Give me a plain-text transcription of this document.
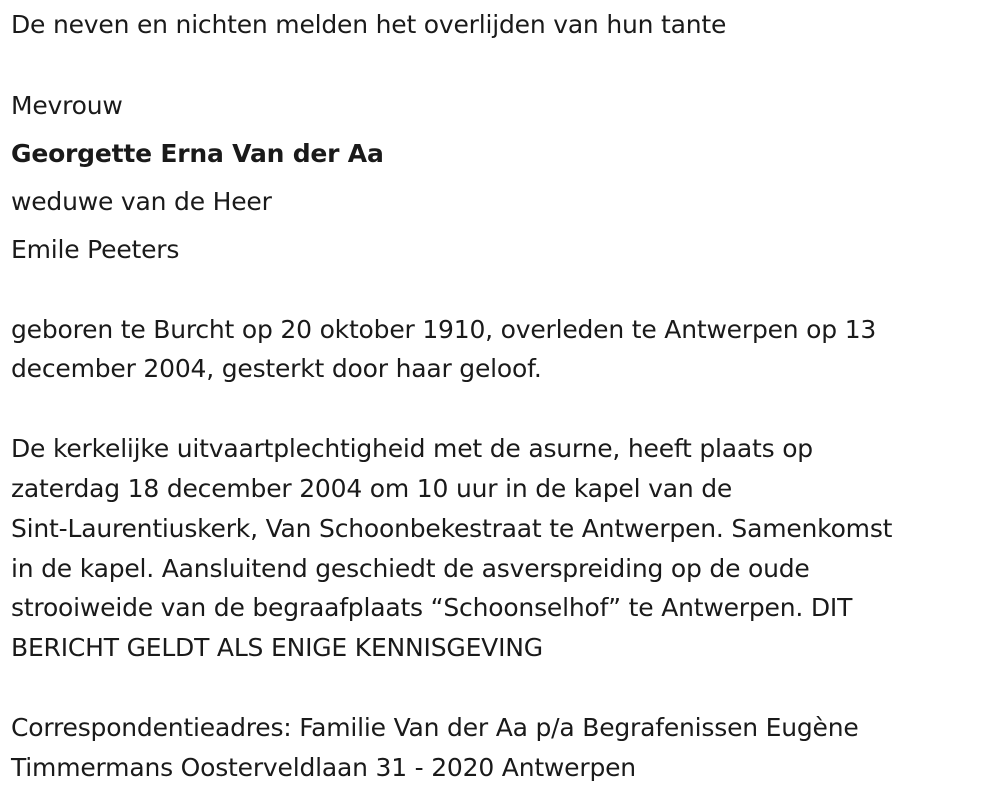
De neven en nichten melden het overlijden van hun tante
Mevrouw
Georgette Erna Van der Aa
weduwe van de Heer
Emile Peeters
geboren te Burcht op 20 oktober 1910, overleden te Antwerpen op 13
december 2004, gesterkt door haar geloof.
De kerkelijke uitvaartplechtigheid met de asurne, heeft plaats op
zaterdag 18 december 2004 om 10 uur in de kapel van de
Sint-Laurentiuskerk, Van Schoonbekestraat te Antwerpen. Samenkomst
in de kapel. Aansluitend geschiedt de asverspreiding op de oude
strooiweide van de begraafplaats “Schoonselhof” te Antwerpen. DIT
BERICHT GELDT ALS ENIGE KENNISGEVING
Correspondentieadres: Familie Van der Aa p/a Begrafenissen Eugène
Timmermans Oosterveldlaan 31 - 2020 Antwerpen
